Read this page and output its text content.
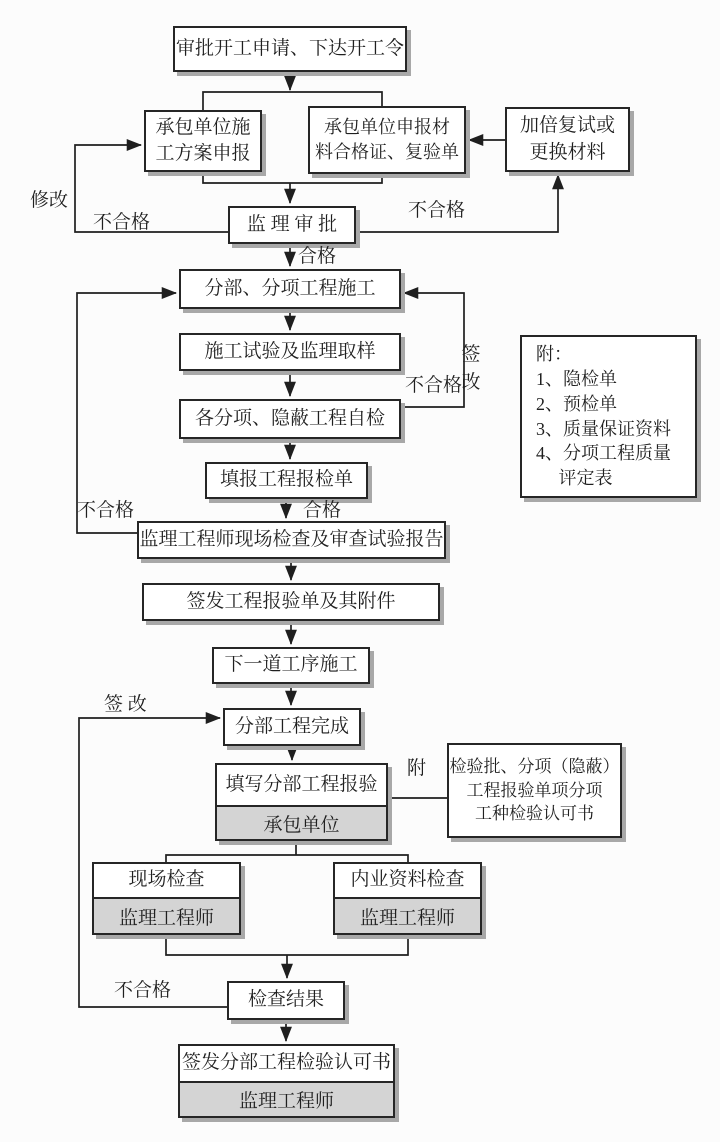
审批开工申请、下达开工令
承包单位施
工方案申报
承包单位申报材
料合格证、复验单
加倍复试或
更换材料
监 理 审 批
分部、分项工程施工
施工试验及监理取样
各分项、隐蔽工程自检
附：
1、隐检单
2、预检单
3、质量保证资料
4、分项工程质量
　 评定表
填报工程报检单
监理工程师现场检查及审查试验报告
签发工程报验单及其附件
下一道工序施工
分部工程完成
填写分部工程报验
承包单位
检验批、分项（隐蔽）
工程报验单项分项
工种检验认可书
现场检查
监理工程师
内业资料检查
监理工程师
检查结果
签发分部工程检验认可书
监理工程师
修改
不合格
不合格
合格
不合格
签改
不合格	合格
签 改
附
不合格
